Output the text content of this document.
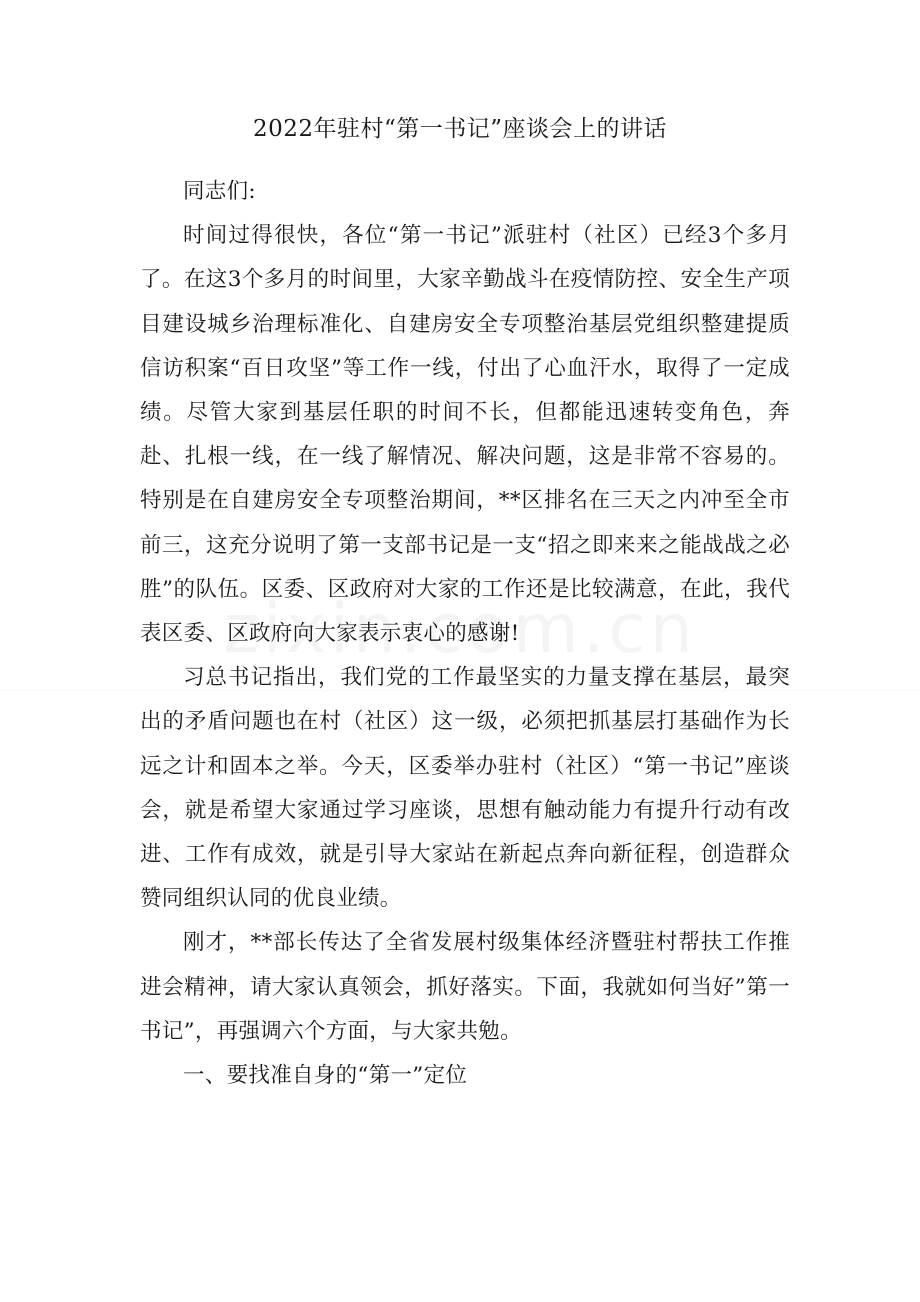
2022年驻村“第一书记”座谈会上的讲话

同志们:

时间过得很快，各位“第一书记”派驻村（社区）已经3个多月了。在这3个多月的时间里，大家辛勤战斗在疫情防控、安全生产项目建设城乡治理标准化、自建房安全专项整治基层党组织整建提质信访积案“百日攻坚”等工作一线，付出了心血汗水，取得了一定成绩。尽管大家到基层任职的时间不长，但都能迅速转变角色，奔赴、扎根一线，在一线了解情况、解决问题，这是非常不容易的。特别是在自建房安全专项整治期间，**区排名在三天之内冲至全市前三，这充分说明了第一支部书记是一支“招之即来来之能战战之必胜”的队伍。区委、区政府对大家的工作还是比较满意，在此，我代表区委、区政府向大家表示衷心的感谢!

习总书记指出，我们党的工作最坚实的力量支撑在基层，最突出的矛盾问题也在村（社区）这一级，必须把抓基层打基础作为长远之计和固本之举。今天，区委举办驻村（社区）“第一书记”座谈会，就是希望大家通过学习座谈，思想有触动能力有提升行动有改进、工作有成效，就是引导大家站在新起点奔向新征程，创造群众赞同组织认同的优良业绩。

刚才，**部长传达了全省发展村级集体经济暨驻村帮扶工作推进会精神，请大家认真领会，抓好落实。下面，我就如何当好”第一书记”，再强调六个方面，与大家共勉。

一、要找准自身的“第一”定位
